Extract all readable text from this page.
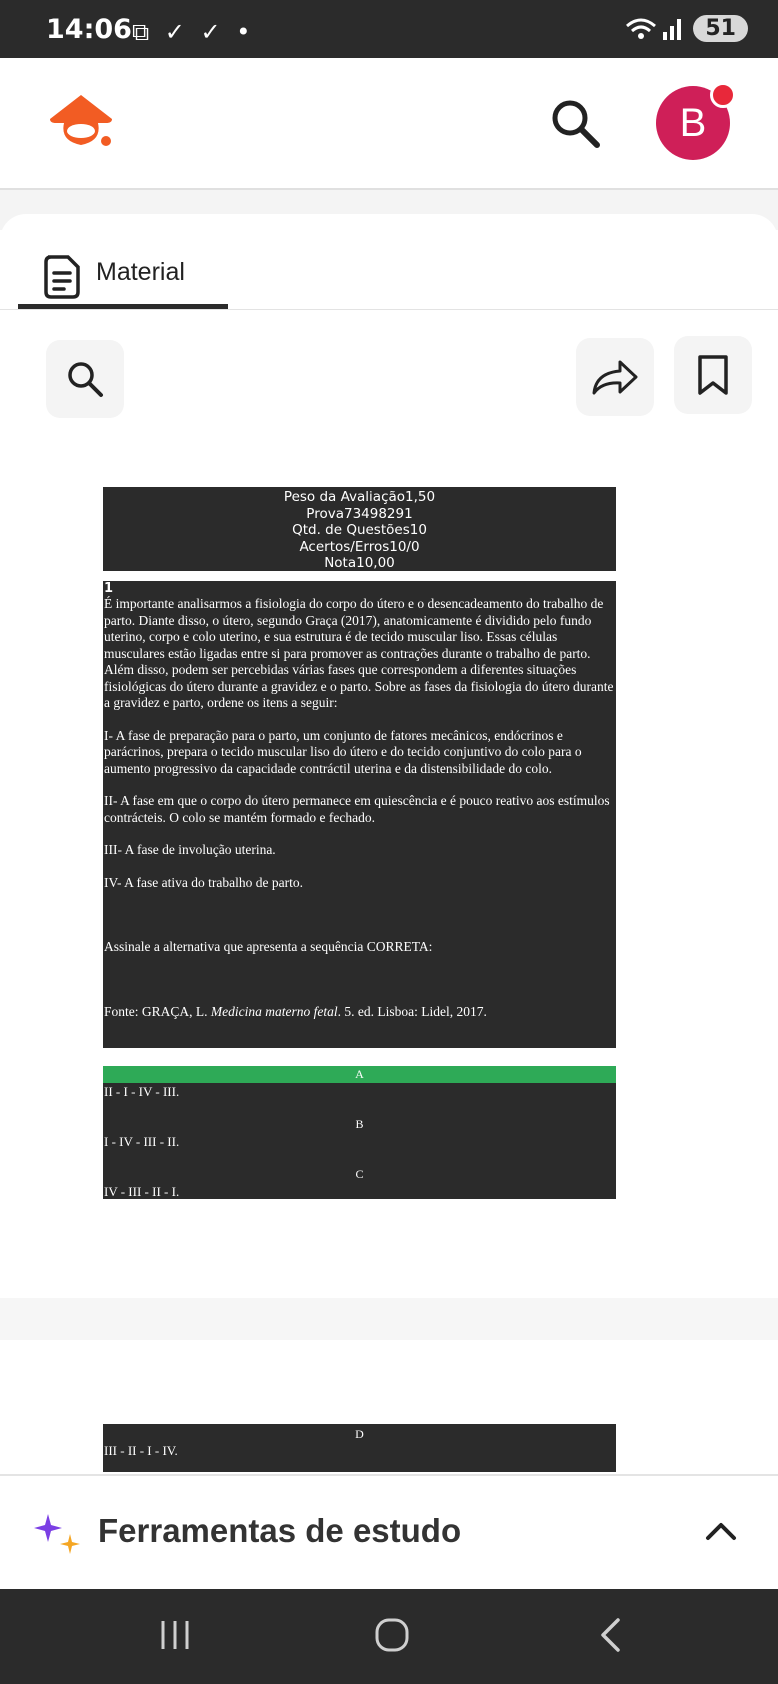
14:06 ⧉ ✓ ✓ •	51
B
Material
Peso da Avaliação1,50
Prova73498291
Qtd. de Questões10
Acertos/Erros10/0
Nota10,00
1

É importante analisarmos a fisiologia do corpo do útero e o desencadeamento do trabalho de parto. Diante disso, o útero, segundo Graça (2017), anatomicamente é dividido pelo fundo uterino, corpo e colo uterino, e sua estrutura é de tecido muscular liso. Essas células musculares estão ligadas entre si para promover as contrações durante o trabalho de parto. Além disso, podem ser percebidas várias fases que correspondem a diferentes situações fisiológicas do útero durante a gravidez e o parto. Sobre as fases da fisiologia do útero durante a gravidez e parto, ordene os itens a seguir:

I- A fase de preparação para o parto, um conjunto de fatores mecânicos, endócrinos e parácrinos, prepara o tecido muscular liso do útero e do tecido conjuntivo do colo para o aumento progressivo da capacidade contráctil uterina e da distensibilidade do colo.

II- A fase em que o corpo do útero permanece em quiescência e é pouco reativo aos estímulos contrácteis. O colo se mantém formado e fechado.

III- A fase de involução uterina.

IV- A fase ativa do trabalho de parto.

Assinale a alternativa que apresenta a sequência CORRETA:

Fonte: GRAÇA, L. Medicina materno fetal. 5. ed. Lisboa: Lidel, 2017.

A
II - I - IV - III.
B
I - IV - III - II.
C
IV - III - II - I.
D
III - II - I - IV.
Ferramentas de estudo
